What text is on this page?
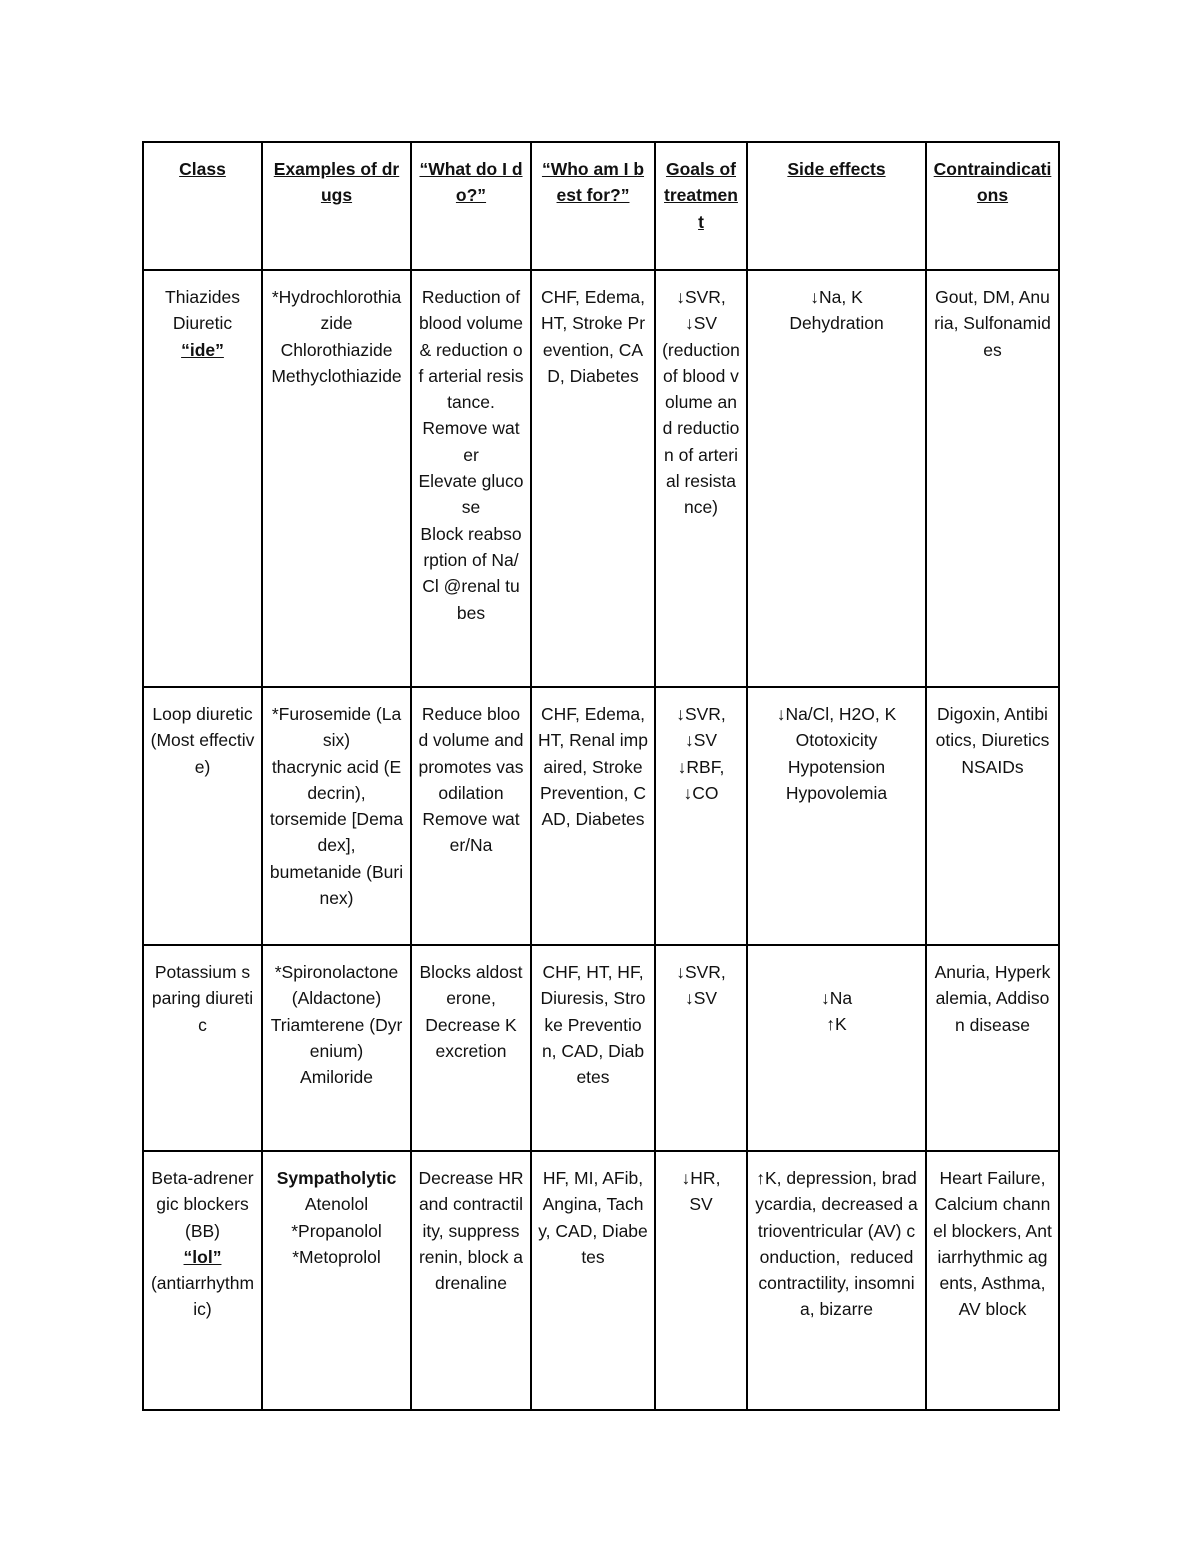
Class	Examples of drugs	“What do I do?”	“Who am I best for?”	Goals of treatment	Side effects	Contraindications

Thiazides
Diuretic
“ide”	*Hydrochlorothiazide
Chlorothiazide
Methyclothiazide	Reduction of blood volume & reduction of arterial resistance.
Remove water
Elevate glucose
Block reabsorption of Na/Cl @renal tubes	CHF, Edema, HT, Stroke Prevention, CAD, Diabetes	↓SVR,
↓SV
(reduction of blood volume and reduction of arterial resistance)	↓Na, K
Dehydration	Gout, DM, Anuria, Sulfonamides

Loop diuretic
(Most effective)	*Furosemide (Lasix)
thacrynic acid (Edecrin),
torsemide [Demadex],
bumetanide (Burinex)	Reduce blood volume and promotes vasodilation
Remove water/Na	CHF, Edema, HT, Renal impaired, Stroke Prevention, CAD, Diabetes	↓SVR,
↓SV
↓RBF,
↓CO	↓Na/Cl, H2O, K
Ototoxicity
Hypotension
Hypovolemia	Digoxin, Antibiotics, Diuretics NSAIDs

Potassium sparing diuretic	*Spironolactone (Aldactone)
Triamterene (Dyrenium)
Amiloride	Blocks aldosterone,
Decrease K excretion	CHF, HT, HF, Diuresis, Stroke Prevention, CAD, Diabetes	↓SVR,
↓SV	↓Na
↑K	Anuria, Hyperkalemia, Addison disease

Beta-adrenergic blockers (BB)
“lol”
(antiarrhythmic)	Sympatholytic
Atenolol
*Propanolol
*Metoprolol	Decrease HR and contractility, suppress renin, block adrenaline	HF, MI, AFib, Angina, Tachy, CAD, Diabetes	↓HR,
SV	↑K, depression, bradycardia, decreased atrioventricular (AV) conduction,  reduced contractility, insomnia, bizarre	Heart Failure, Calcium channel blockers, Antiarrhythmic agents, Asthma, AV block
